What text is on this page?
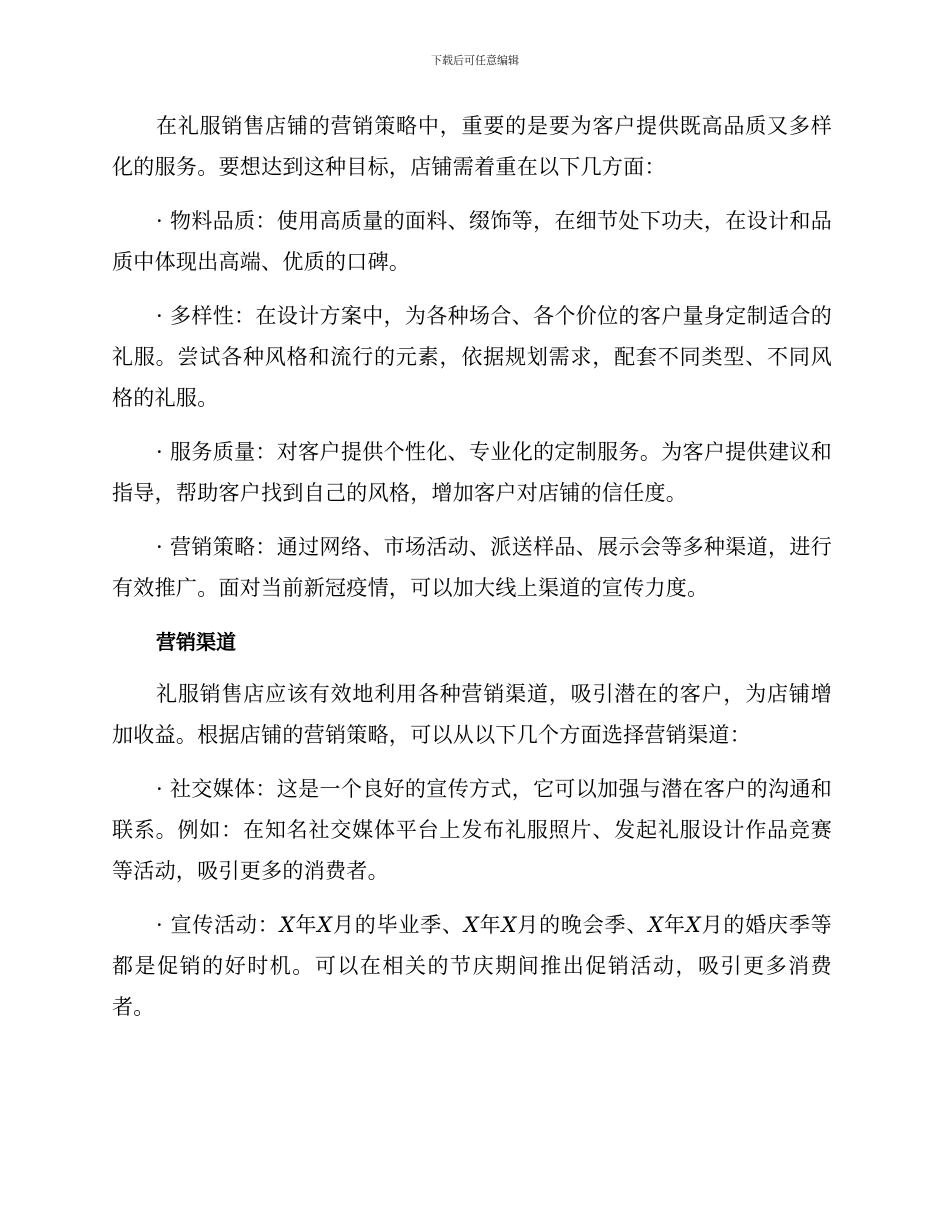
下载后可任意编辑

在礼服销售店铺的营销策略中，重要的是要为客户提供既高品质又多样化的服务。要想达到这种目标，店铺需着重在以下几方面：

· 物料品质：使用高质量的面料、缀饰等，在细节处下功夫，在设计和品质中体现出高端、优质的口碑。

· 多样性：在设计方案中，为各种场合、各个价位的客户量身定制适合的礼服。尝试各种风格和流行的元素，依据规划需求，配套不同类型、不同风格的礼服。

· 服务质量：对客户提供个性化、专业化的定制服务。为客户提供建议和指导，帮助客户找到自己的风格，增加客户对店铺的信任度。

· 营销策略：通过网络、市场活动、派送样品、展示会等多种渠道，进行有效推广。面对当前新冠疫情，可以加大线上渠道的宣传力度。

营销渠道

礼服销售店应该有效地利用各种营销渠道，吸引潜在的客户，为店铺增加收益。根据店铺的营销策略，可以从以下几个方面选择营销渠道：

· 社交媒体：这是一个良好的宣传方式，它可以加强与潜在客户的沟通和联系。例如：在知名社交媒体平台上发布礼服照片、发起礼服设计作品竞赛等活动，吸引更多的消费者。

· 宣传活动：X年X月的毕业季、X年X月的晚会季、X年X月的婚庆季等都是促销的好时机。可以在相关的节庆期间推出促销活动，吸引更多消费者。
